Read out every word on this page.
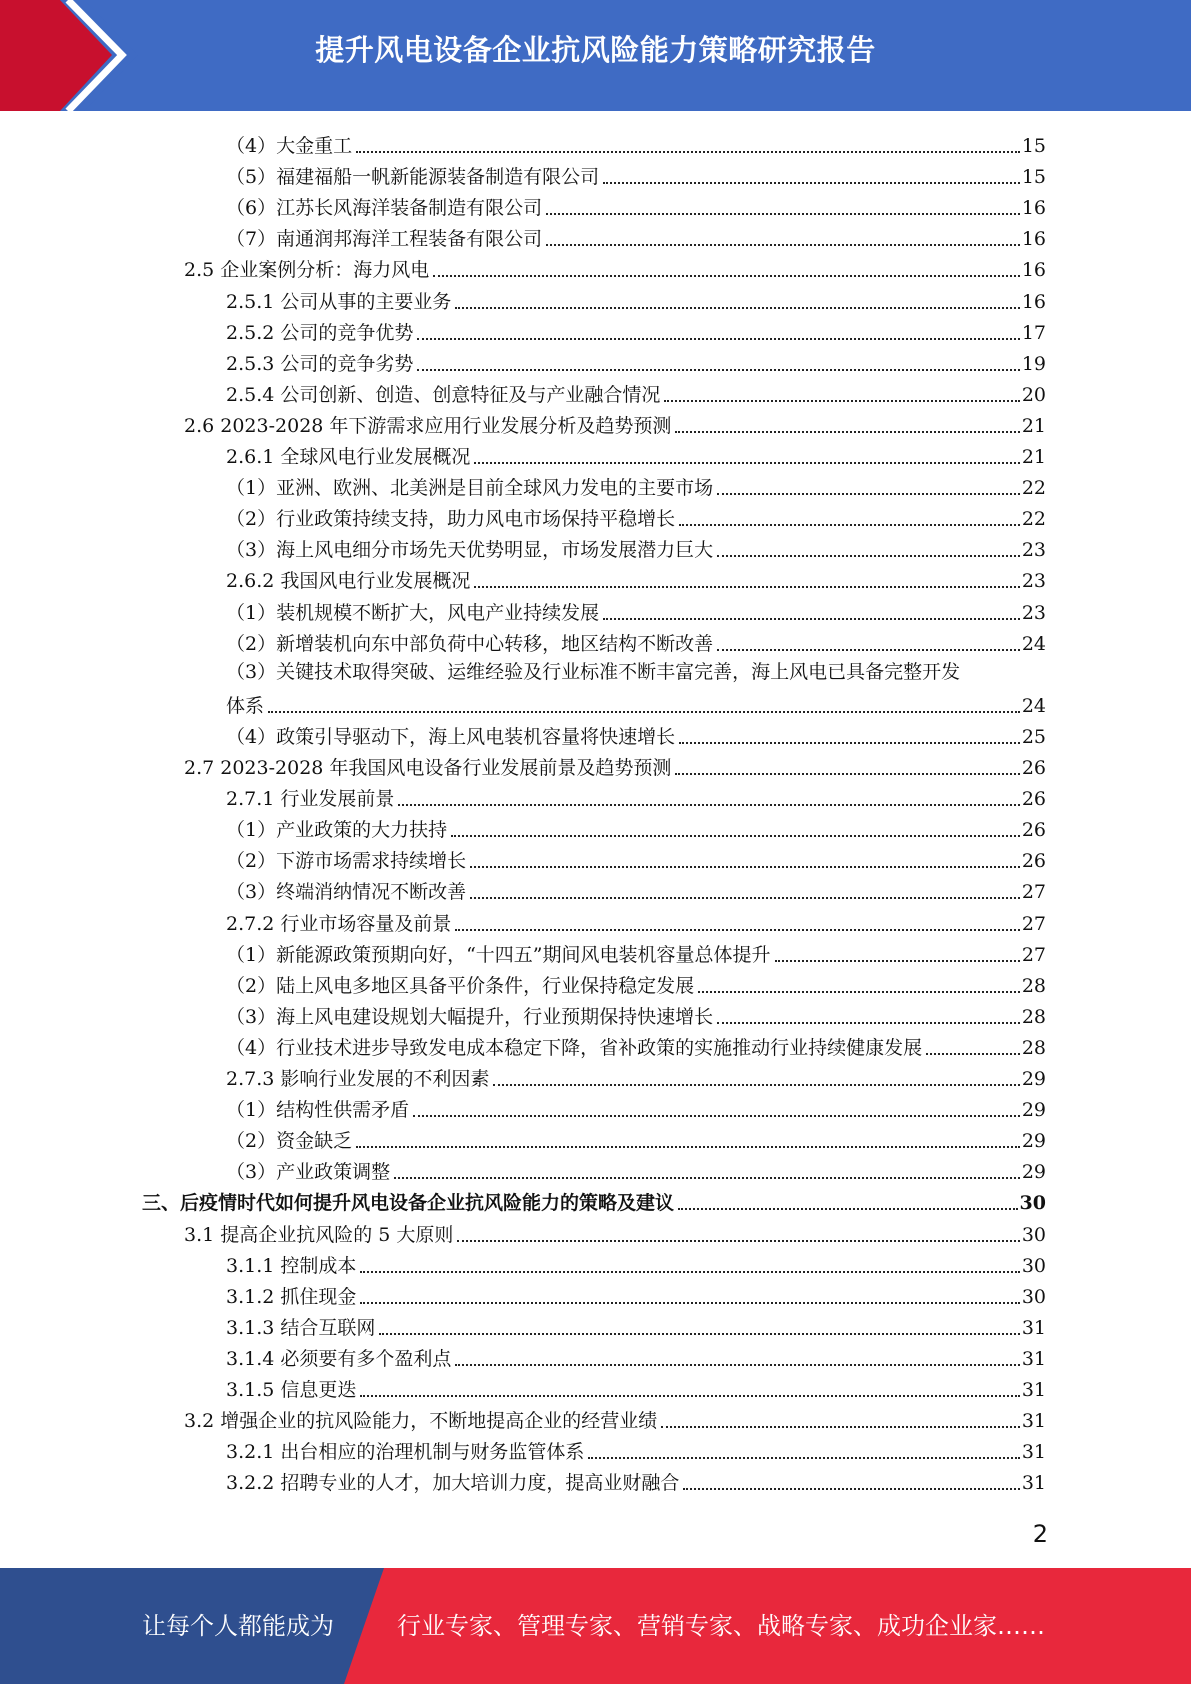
提升风电设备企业抗风险能力策略研究报告
（4）大金重工	15
（5）福建福船一帆新能源装备制造有限公司	15
（6）江苏长风海洋装备制造有限公司	16
（7）南通润邦海洋工程装备有限公司	16
2.5 企业案例分析：海力风电	16
2.5.1 公司从事的主要业务	16
2.5.2 公司的竞争优势	17
2.5.3 公司的竞争劣势	19
2.5.4 公司创新、创造、创意特征及与产业融合情况	20
2.6 2023-2028 年下游需求应用行业发展分析及趋势预测	21
2.6.1 全球风电行业发展概况	21
（1）亚洲、欧洲、北美洲是目前全球风力发电的主要市场	22
（2）行业政策持续支持，助力风电市场保持平稳增长	22
（3）海上风电细分市场先天优势明显，市场发展潜力巨大	23
2.6.2 我国风电行业发展概况	23
（1）装机规模不断扩大，风电产业持续发展	23
（2）新增装机向东中部负荷中心转移，地区结构不断改善	24
（3）关键技术取得突破、运维经验及行业标准不断丰富完善，海上风电已具备完整开发
体系	24
（4）政策引导驱动下，海上风电装机容量将快速增长	25
2.7 2023-2028 年我国风电设备行业发展前景及趋势预测	26
2.7.1 行业发展前景	26
（1）产业政策的大力扶持	26
（2）下游市场需求持续增长	26
（3）终端消纳情况不断改善	27
2.7.2 行业市场容量及前景	27
（1）新能源政策预期向好，“十四五”期间风电装机容量总体提升	27
（2）陆上风电多地区具备平价条件，行业保持稳定发展	28
（3）海上风电建设规划大幅提升，行业预期保持快速增长	28
（4）行业技术进步导致发电成本稳定下降，省补政策的实施推动行业持续健康发展	28
2.7.3 影响行业发展的不利因素	29
（1）结构性供需矛盾	29
（2）资金缺乏	29
（3）产业政策调整	29
三、后疫情时代如何提升风电设备企业抗风险能力的策略及建议	30
3.1 提高企业抗风险的 5 大原则	30
3.1.1 控制成本	30
3.1.2 抓住现金	30
3.1.3 结合互联网	31
3.1.4 必须要有多个盈利点	31
3.1.5 信息更迭	31
3.2 增强企业的抗风险能力，不断地提高企业的经营业绩	31
3.2.1 出台相应的治理机制与财务监管体系	31
3.2.2 招聘专业的人才，加大培训力度，提高业财融合	31
2
让每个人都能成为	行业专家、管理专家、营销专家、战略专家、成功企业家……
